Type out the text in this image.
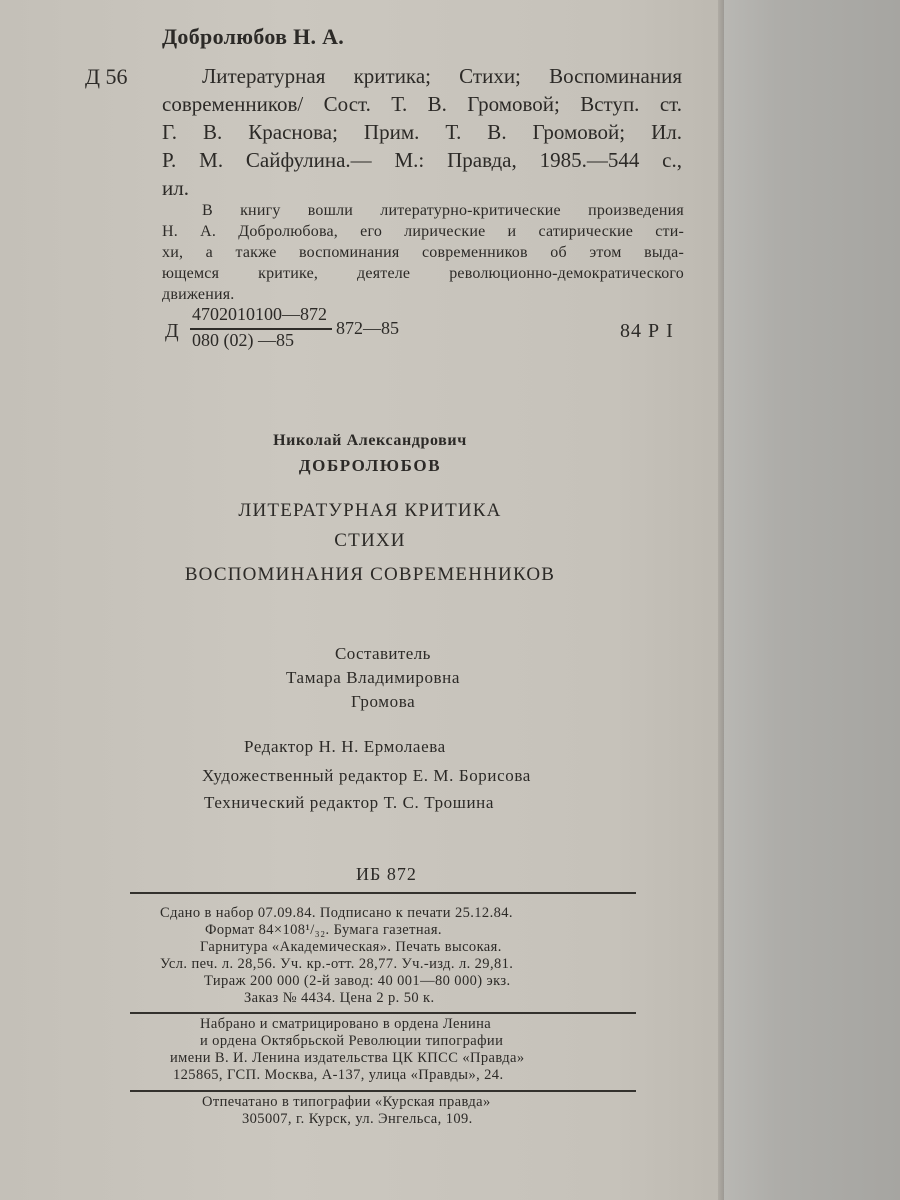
Добролюбов Н. А.
Д 56	Литературная критика; Стихи; Воспоминания
современников/ Сост. Т. В. Громовой; Вступ. ст.
Г. В. Краснова; Прим. Т. В. Громовой; Ил.
Р. М. Сайфулина.— М.: Правда, 1985.—544 с.,
ил.
В книгу вошли литературно-критические произведения
Н. А. Добролюбова, его лирические и сатирические сти-
хи, а также воспоминания современников об этом выда-
ющемся критике, деятеле революционно-демократического
движения.
Д
4702010100—872
080 (02) —85
872—85	84 Р I
Николай Александрович
ДОБРОЛЮБОВ
ЛИТЕРАТУРНАЯ КРИТИКА
СТИХИ
ВОСПОМИНАНИЯ СОВРЕМЕННИКОВ
Составитель
Тамара Владимировна
Громова
Редактор Н. Н. Ермолаева
Художественный редактор Е. М. Борисова
Технический редактор Т. С. Трошина
ИБ 872
Сдано в набор 07.09.84. Подписано к печати 25.12.84.
Формат 84×108¹/₃₂. Бумага газетная.
Гарнитура «Академическая». Печать высокая.
Усл. печ. л. 28,56. Уч. кр.-отт. 28,77. Уч.-изд. л. 29,81.
Тираж 200 000 (2-й завод: 40 001—80 000) экз.
Заказ № 4434. Цена 2 р. 50 к.
Набрано и сматрицировано в ордена Ленина
и ордена Октябрьской Революции типографии
имени В. И. Ленина издательства ЦК КПСС «Правда»
125865, ГСП. Москва, А-137, улица «Правды», 24.
Отпечатано в типографии «Курская правда»
305007, г. Курск, ул. Энгельса, 109.
